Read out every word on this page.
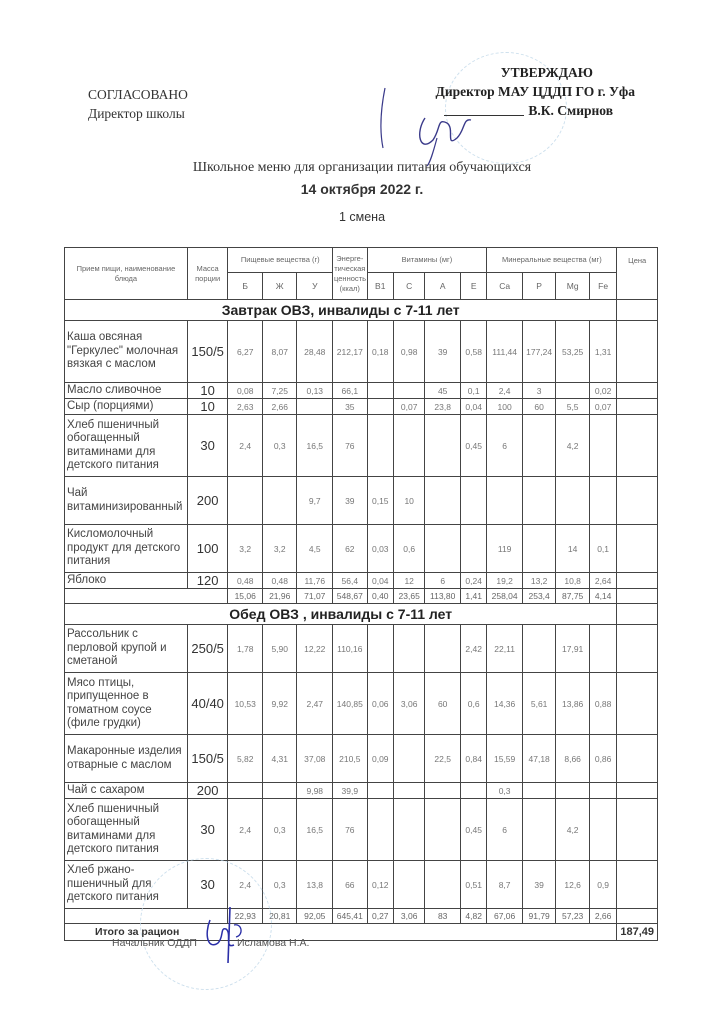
СОГЛАСОВАНО
Директор школы
УТВЕРЖДАЮ
Директор МАУ ЦДДП ГО г. Уфа
В.К. Смирнов
Школьное меню для организации питания обучающихся
14 октября 2022 г.
1 смена
Прием пищи, наименование блюда	Масса порции	Пищевые вещества (г)			Энерге-тическая ценность (ккал)	Витамины (мг)				Минеральные вещества (мг)				Цена
		Б	Ж	У		B1	C	A	E	Ca	P	Mg	Fe	
Завтрак ОВЗ, инвалиды с 7-11 лет														
Каша овсяная "Геркулес" молочная вязкая с маслом	150/5	6,27	8,07	28,48	212,17	0,18	0,98	39	0,58	111,44	177,24	53,25	1,31	
Масло сливочное	10	0,08	7,25	0,13	66,1			45	0,1	2,4	3		0,02	
Сыр (порциями)	10	2,63	2,66		35		0,07	23,8	0,04	100	60	5,5	0,07	
Хлеб пшеничный обогащенный витаминами для детского питания	30	2,4	0,3	16,5	76				0,45	6		4,2		
Чай витаминизированный	200			9,7	39	0,15	10							
Кисломолочный продукт для детского питания	100	3,2	3,2	4,5	62	0,03	0,6			119		14	0,1	
Яблоко	120	0,48	0,48	11,76	56,4	0,04	12	6	0,24	19,2	13,2	10,8	2,64	
		15,06	21,96	71,07	548,67	0,40	23,65	113,80	1,41	258,04	253,4	87,75	4,14	
Обед ОВЗ , инвалиды с 7-11 лет														
Рассольник с перловой крупой и сметаной	250/5	1,78	5,90	12,22	110,16				2,42	22,11		17,91		
Мясо птицы, припущенное в томатном соусе (филе грудки)	40/40	10,53	9,92	2,47	140,85	0,06	3,06	60	0,6	14,36	5,61	13,86	0,88	
Макаронные изделия отварные с маслом	150/5	5,82	4,31	37,08	210,5	0,09		22,5	0,84	15,59	47,18	8,66	0,86	
Чай с сахаром	200			9,98	39,9					0,3				
Хлеб пшеничный обогащенный витаминами для детского питания	30	2,4	0,3	16,5	76				0,45	6		4,2		
Хлеб ржано-пшеничный для детского питания	30	2,4	0,3	13,8	66	0,12			0,51	8,7	39	12,6	0,9	
		22,93	20,81	92,05	645,41	0,27	3,06	83	4,82	67,06	91,79	57,23	2,66	
Итого за рацион														187,49
Начальник ОДДП	Исламова Н.А.
